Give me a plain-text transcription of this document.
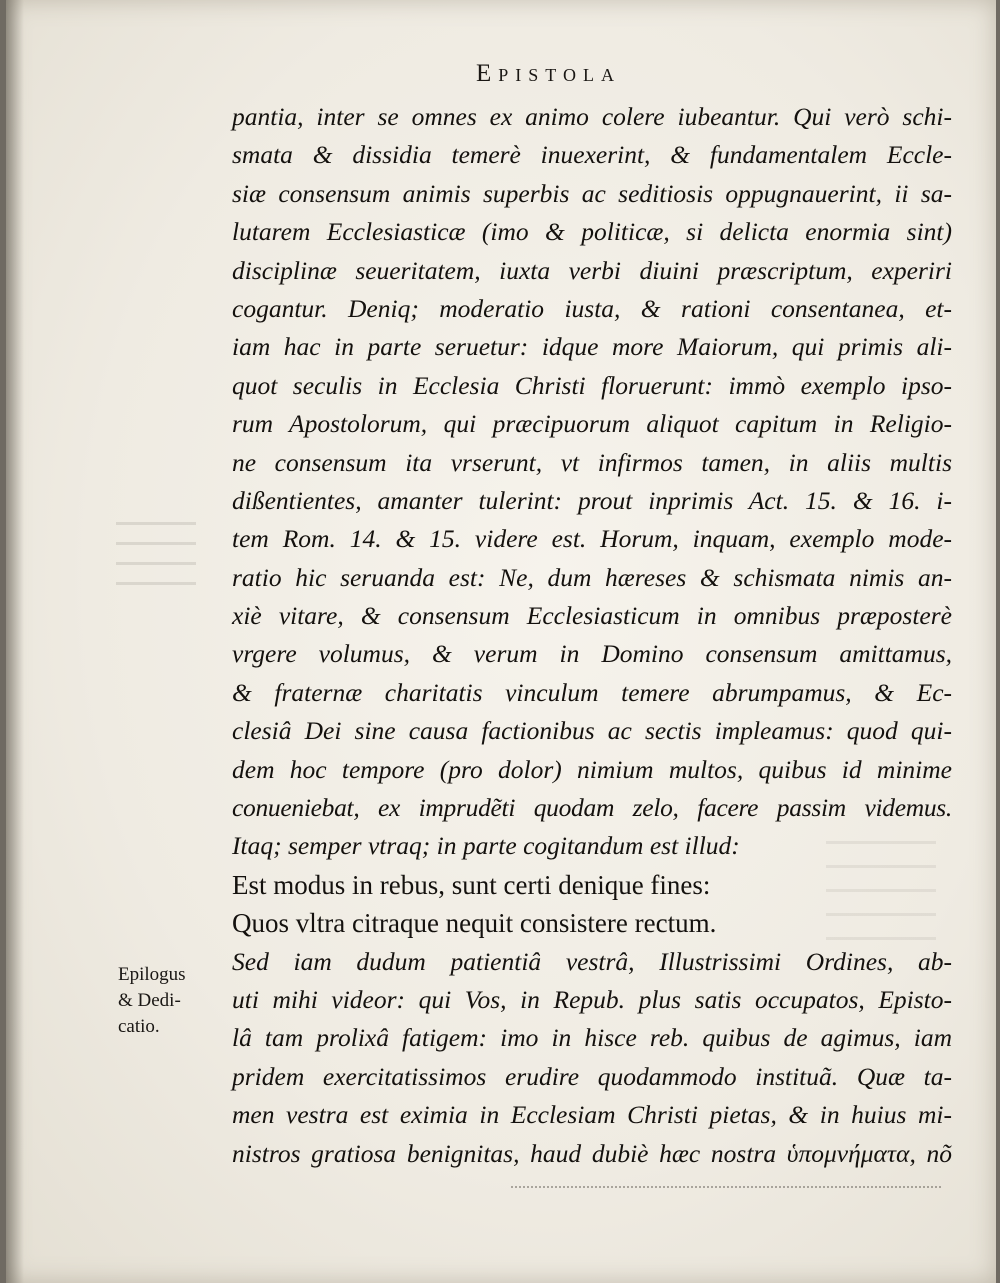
Epistola
pantia, inter se omnes ex animo colere iubeantur. Qui verò schi-
smata & dissidia temerè inuexerint, & fundamentalem Eccle-
siæ consensum animis superbis ac seditiosis oppugnauerint, ii sa-
lutarem Ecclesiasticæ (imo & politicæ, si delicta enormia sint)
disciplinæ seueritatem, iuxta verbi diuini præscriptum, experiri
cogantur. Deniq; moderatio iusta, & rationi consentanea, et-
iam hac in parte seruetur: idque more Maiorum, qui primis ali-
quot seculis in Ecclesia Christi floruerunt: immò exemplo ipso-
rum Apostolorum, qui præcipuorum aliquot capitum in Religio-
ne consensum ita vrserunt, vt infirmos tamen, in aliis multis
dißentientes, amanter tulerint: prout inprimis Act. 15. & 16. i-
tem Rom. 14. & 15. videre est. Horum, inquam, exemplo mode-
ratio hic seruanda est: Ne, dum hæreses & schismata nimis an-
xiè vitare, & consensum Ecclesiasticum in omnibus præposterè
vrgere volumus, & verum in Domino consensum amittamus,
& fraternæ charitatis vinculum temere abrumpamus, & Ec-
clesiâ Dei sine causa factionibus ac sectis impleamus: quod qui-
dem hoc tempore (pro dolor) nimium multos, quibus id minime
conueniebat, ex imprudẽti quodam zelo, facere passim videmus.
Itaq; semper vtraq; in parte cogitandum est illud:
Est modus in rebus, sunt certi denique fines:
Quos vltra citraque nequit consistere rectum.
Sed iam dudum patientiâ vestrâ, Illustrissimi Ordines, ab-
uti mihi videor: qui Vos, in Repub. plus satis occupatos, Episto-
lâ tam prolixâ fatigem: imo in hisce reb. quibus de agimus, iam
pridem exercitatissimos erudire quodammodo instituã. Quæ ta-
men vestra est eximia in Ecclesiam Christi pietas, & in huius mi-
nistros gratiosa benignitas, haud dubiè hæc nostra ὑπομνήματα, nõ
Epilogus
& Dedi-
catio.
